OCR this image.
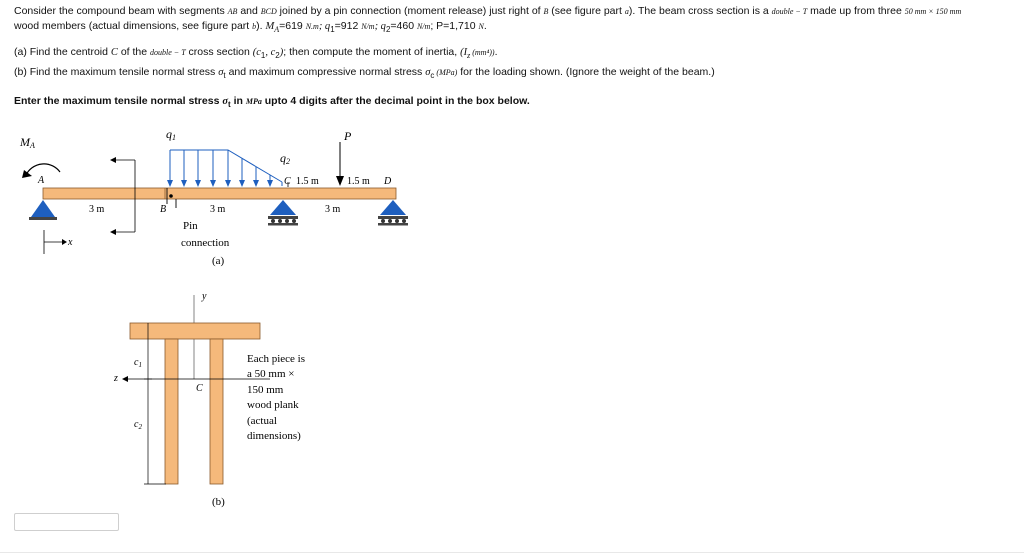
Consider the compound beam with segments AB and BCD joined by a pin connection (moment release) just right of B (see figure part a). The beam cross section is a double − T made up from three 50 mm × 150 mm
wood members (actual dimensions, see figure part b). $M_A=619$ N.m; $q_1=912$ N/m; $q_2=460$ N/m; P=1,710 N.
(a) Find the centroid C of the double − T cross section ($c_1$, $c_2$); then compute the moment of inertia, ($I_z$ (mm⁴)).
(b) Find the maximum tensile normal stress $\sigma_t$ and maximum compressive normal stress $\sigma_c$ (MPa) for the loading shown. (Ignore the weight of the beam.)
Enter the maximum tensile normal stress $\sigma_t$ in MPa upto 4 digits after the decimal point in the box below.
MA
A
q1
q2
P
C 1.5 m	1.5 m D
3 m	B	3 m	3 m
Pin
connection
(a)
x
y
z
C
$c_1$
$c_2$
Each piece is a 50 mm × 150 mm wood plank (actual dimensions)
(b)
